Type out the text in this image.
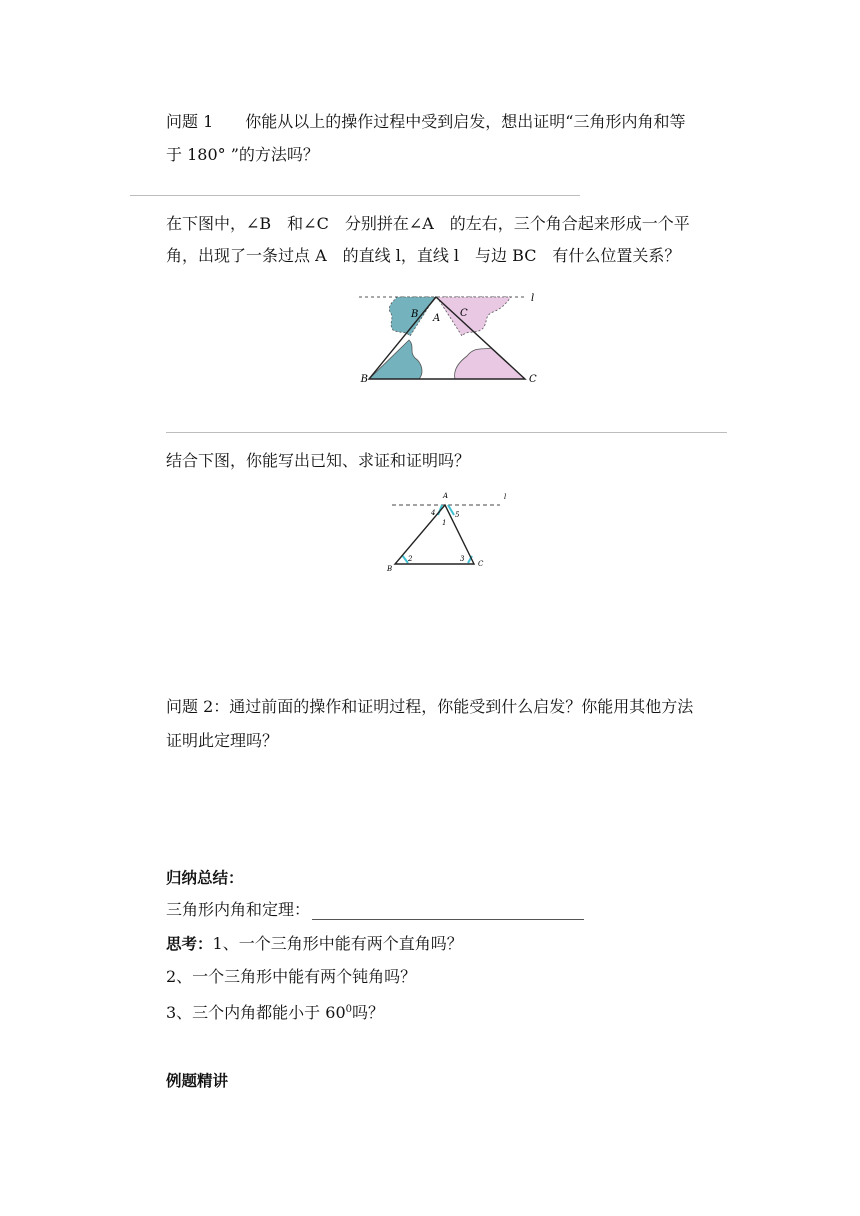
问题 1　　你能从以上的操作过程中受到启发，想出证明“三角形内角和等
于 180° ”的方法吗？
在下图中，∠B　和∠C　分别拼在∠A　的左右，三个角合起来形成一个平
角，出现了一条过点 A　的直线 l，直线 l　与边 BC　有什么位置关系？
l
B A C
B	C
结合下图，你能写出已知、求证和证明吗？
A	l
4	5
1
2	3
B
C
问题 2：通过前面的操作和证明过程，你能受到什么启发？你能用其他方法
证明此定理吗？
归纳总结：
三角形内角和定理：
思考：1、一个三角形中能有两个直角吗？
2、一个三角形中能有两个钝角吗？
3、三个内角都能小于 $60^0$吗？
例题精讲
